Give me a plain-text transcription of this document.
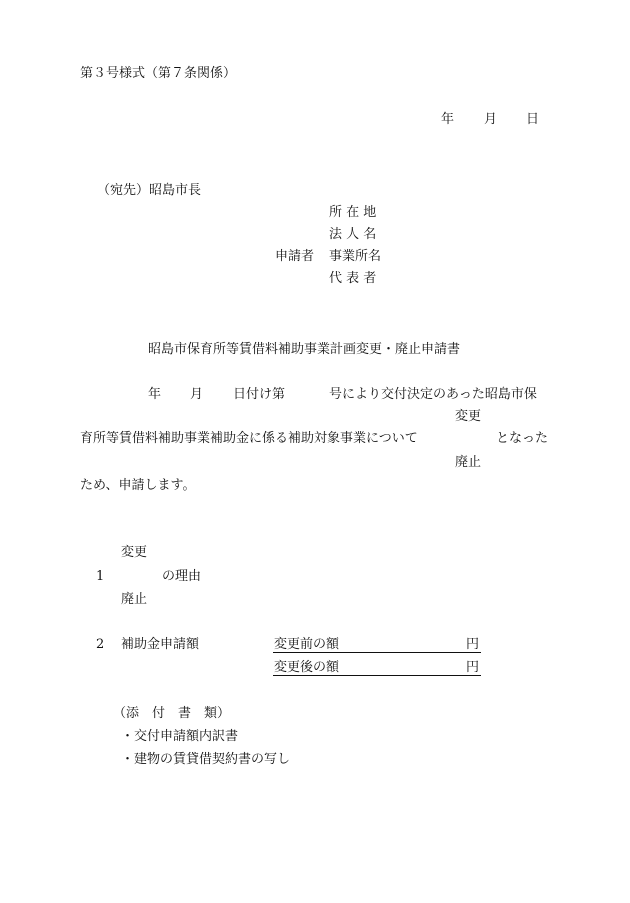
第３号様式（第７条関係）
年 月 日
（宛先）昭島市長
所 在 地
法 人 名
申請者 事業所名
代 表 者
昭島市保育所等賃借料補助事業計画変更・廃止申請書
年 月 日付け第	号により交付決定のあった昭島市保
変更
育所等賃借料補助事業補助金に係る補助対象事業について	となった
廃止
ため、申請します。
変更
1	の理由
廃止
2 補助金申請額	変更前の額	円
変更後の額	円
（添　付　書　類）
・交付申請額内訳書
・建物の賃貸借契約書の写し
